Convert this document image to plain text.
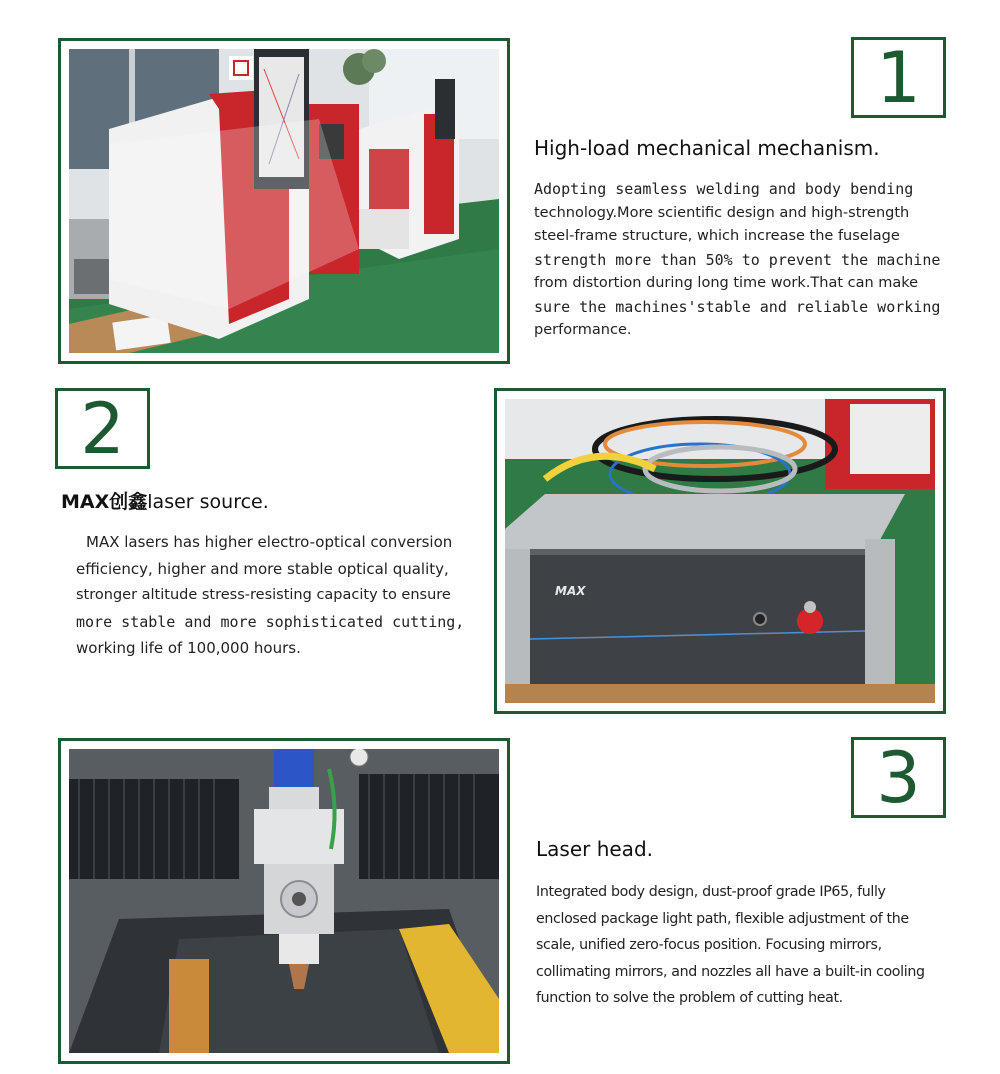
1
High-load mechanical mechanism.

Adopting seamless welding and body bending

technology.More scientific design and high-strength

steel-frame structure, which increase the fuselage

strength more than 50% to prevent the machine

from distortion during long time work.That can make

sure the machines'stable and reliable working

performance.

2
MAX创鑫laser source.

MAX lasers has higher electro-optical conversion

efficiency, higher and more stable optical quality,

stronger altitude stress-resisting capacity to ensure

more stable and more sophisticated cutting,

working life of 100,000 hours.

MAX
3
Laser head.

Integrated body design, dust-proof grade IP65, fully

enclosed package light path, flexible adjustment of the

scale, unified zero-focus position. Focusing mirrors,

collimating mirrors, and nozzles all have a built-in cooling

function to solve the problem of cutting heat.
